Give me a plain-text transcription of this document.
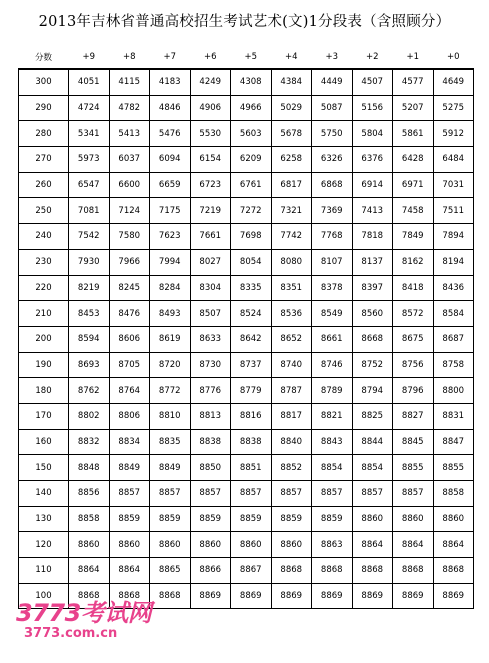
2013年吉林省普通高校招生考试艺术(文)1分段表（含照顾分）
分数	+9	+8	+7	+6	+5	+4	+3	+2	+1	+0
300	4051	4115	4183	4249	4308	4384	4449	4507	4577	4649
290	4724	4782	4846	4906	4966	5029	5087	5156	5207	5275
280	5341	5413	5476	5530	5603	5678	5750	5804	5861	5912
270	5973	6037	6094	6154	6209	6258	6326	6376	6428	6484
260	6547	6600	6659	6723	6761	6817	6868	6914	6971	7031
250	7081	7124	7175	7219	7272	7321	7369	7413	7458	7511
240	7542	7580	7623	7661	7698	7742	7768	7818	7849	7894
230	7930	7966	7994	8027	8054	8080	8107	8137	8162	8194
220	8219	8245	8284	8304	8335	8351	8378	8397	8418	8436
210	8453	8476	8493	8507	8524	8536	8549	8560	8572	8584
200	8594	8606	8619	8633	8642	8652	8661	8668	8675	8687
190	8693	8705	8720	8730	8737	8740	8746	8752	8756	8758
180	8762	8764	8772	8776	8779	8787	8789	8794	8796	8800
170	8802	8806	8810	8813	8816	8817	8821	8825	8827	8831
160	8832	8834	8835	8838	8838	8840	8843	8844	8845	8847
150	8848	8849	8849	8850	8851	8852	8854	8854	8855	8855
140	8856	8857	8857	8857	8857	8857	8857	8857	8857	8858
130	8858	8859	8859	8859	8859	8859	8859	8860	8860	8860
120	8860	8860	8860	8860	8860	8860	8863	8864	8864	8864
110	8864	8864	8865	8866	8867	8868	8868	8868	8868	8868
100	8868	8868	8868	8869	8869	8869	8869	8869	8869	8869
3773考试网
3773.com.cn
